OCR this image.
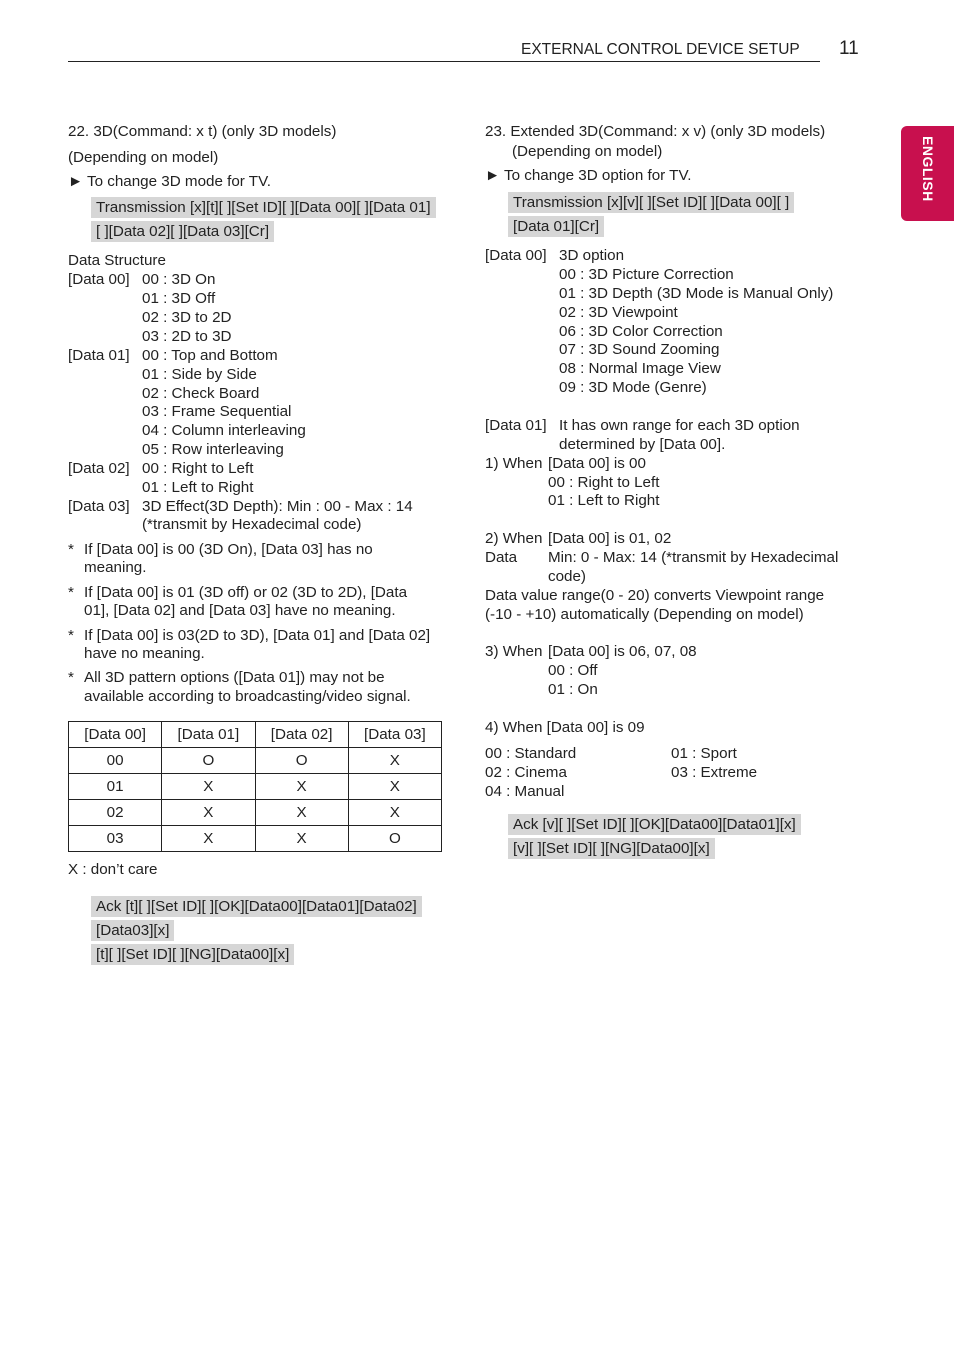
EXTERNAL CONTROL DEVICE SETUP 11
ENGLISH
22. 3D(Command: x t) (only 3D models)
(Depending on model)
► To change 3D mode for TV.
Transmission [x][t][ ][Set ID][ ][Data 00][ ][Data 01]
[ ][Data 02][ ][Data 03][Cr]
Data Structure
[Data 00] 00 : 3D On
01 : 3D Off
02 : 3D to 2D
03 : 2D to 3D
[Data 01] 00 : Top and Bottom
01 : Side by Side
02 : Check Board
03 : Frame Sequential
04 : Column interleaving
05 : Row interleaving
[Data 02] 00 : Right to Left
01 : Left to Right
[Data 03] 3D Effect(3D Depth): Min : 00 - Max : 14
(*transmit by Hexadecimal code)
* If [Data 00] is 00 (3D On), [Data 03] has no
meaning.
* If [Data 00] is 01 (3D off) or 02 (3D to 2D), [Data
01], [Data 02] and [Data 03] have no meaning.
* If [Data 00] is 03(2D to 3D), [Data 01] and [Data 02]
have no meaning.
* All 3D pattern options ([Data 01]) may not be
available according to broadcasting/video signal.
[Data 00]	[Data 01]	[Data 02]	[Data 03]
00	O	O	X
01	X	X	X
02	X	X	X
03	X	X	O
X : don’t care
Ack [t][ ][Set ID][ ][OK][Data00][Data01][Data02]
[Data03][x]
[t][ ][Set ID][ ][NG][Data00][x]
23. Extended 3D(Command: x v) (only 3D models)
(Depending on model)
► To change 3D option for TV.
Transmission [x][v][ ][Set ID][ ][Data 00][ ]
[Data 01][Cr]
[Data 00] 3D option
00 : 3D Picture Correction
01 : 3D Depth (3D Mode is Manual Only)
02 : 3D Viewpoint
06 : 3D Color Correction
07 : 3D Sound Zooming
08 : Normal Image View
09 : 3D Mode (Genre)
[Data 01] It has own range for each 3D option
determined by [Data 00].
1) When [Data 00] is 00
00 : Right to Left
01 : Left to Right
2) When [Data 00] is 01, 02
Data Min: 0 - Max: 14 (*transmit by Hexadecimal
code)
Data value range(0 - 20) converts Viewpoint range
(-10 - +10) automatically (Depending on model)
3) When [Data 00] is 06, 07, 08
00 : Off
01 : On
4) When [Data 00] is 09
00 : Standard	01 : Sport
02 : Cinema	03 : Extreme
04 : Manual
Ack [v][ ][Set ID][ ][OK][Data00][Data01][x]
[v][ ][Set ID][ ][NG][Data00][x]
